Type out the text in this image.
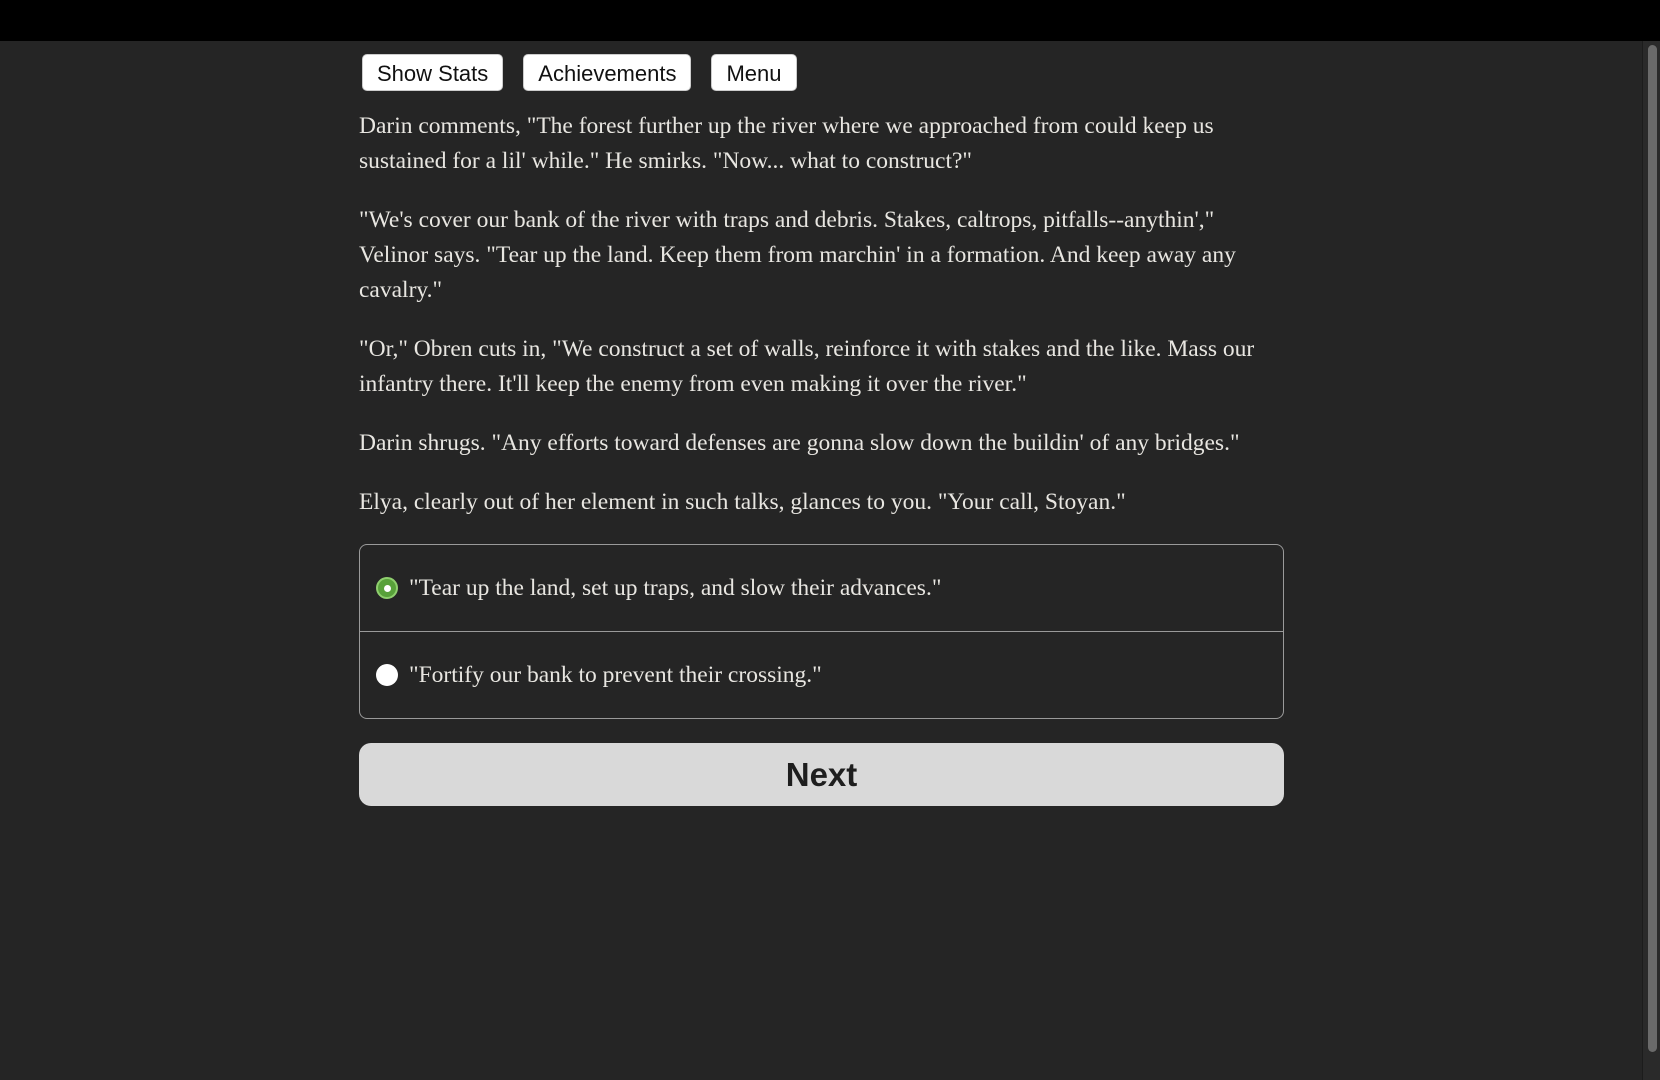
Show Stats	Achievements	Menu

Darin comments, "The forest further up the river where we approached from could keep us sustained for a lil' while." He smirks. "Now... what to construct?"

"We's cover our bank of the river with traps and debris. Stakes, caltrops, pitfalls--anythin'," Velinor says. "Tear up the land. Keep them from marchin' in a formation. And keep away any cavalry."

"Or," Obren cuts in, "We construct a set of walls, reinforce it with stakes and the like. Mass our infantry there. It'll keep the enemy from even making it over the river."

Darin shrugs. "Any efforts toward defenses are gonna slow down the buildin' of any bridges."

Elya, clearly out of her element in such talks, glances to you. "Your call, Stoyan."

"Tear up the land, set up traps, and slow their advances."
"Fortify our bank to prevent their crossing."
Next
